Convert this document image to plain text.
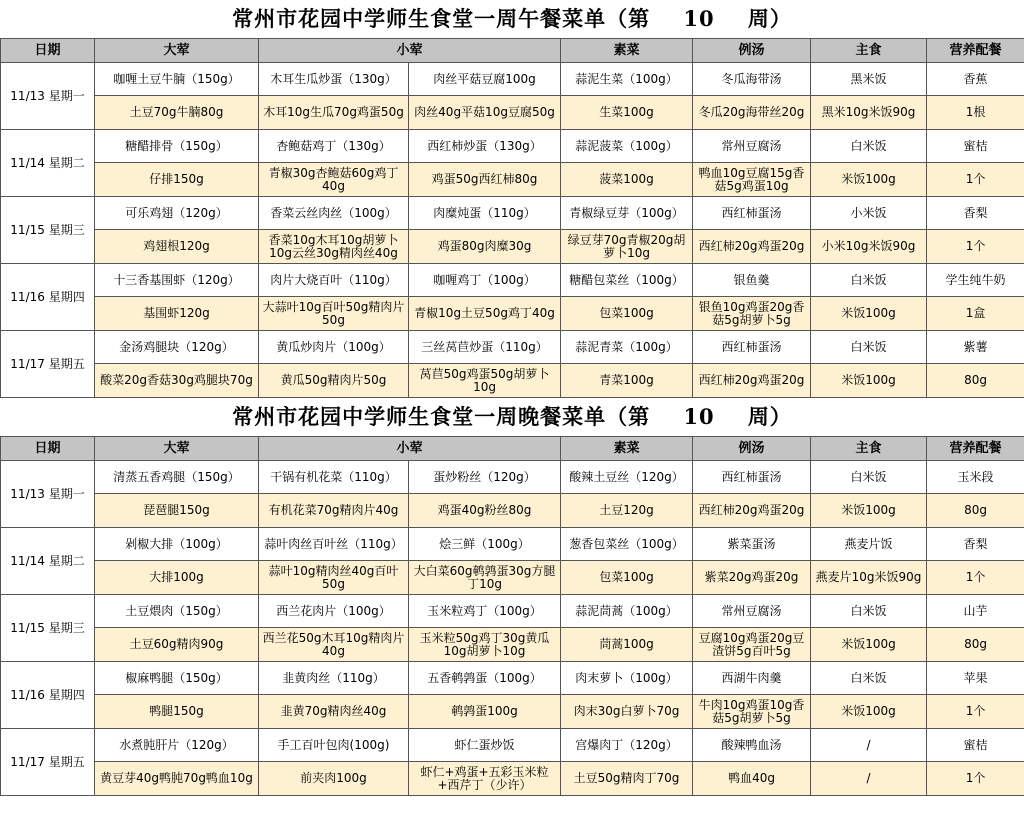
常州市花园中学师生食堂一周午餐菜单（第    10    周）
日期	大荤	小荤		素菜	例汤	主食	营养配餐
11/13 星期一	咖喱土豆牛腩（150g）	木耳生瓜炒蛋（130g）	肉丝平菇豆腐100g	蒜泥生菜（100g）	冬瓜海带汤	黑米饭	香蕉
	土豆70g牛腩80g	木耳10g生瓜70g鸡蛋50g	肉丝40g平菇10g豆腐50g	生菜100g	冬瓜20g海带丝20g	黑米10g米饭90g	1根
11/14 星期二	糖醋排骨（150g）	杏鲍菇鸡丁（130g）	西红柿炒蛋（130g）	蒜泥菠菜（100g）	常州豆腐汤	白米饭	蜜桔
	仔排150g	青椒30g杏鲍菇60g鸡丁40g	鸡蛋50g西红柿80g	菠菜100g	鸭血10g豆腐15g香菇5g鸡蛋10g	米饭100g	1个
11/15 星期三	可乐鸡翅（120g）	香菜云丝肉丝（100g）	肉糜炖蛋（110g）	青椒绿豆芽（100g）	西红柿蛋汤	小米饭	香梨
	鸡翅根120g	香菜10g木耳10g胡萝卜10g云丝30g精肉丝40g	鸡蛋80g肉糜30g	绿豆芽70g青椒20g胡萝卜10g	西红柿20g鸡蛋20g	小米10g米饭90g	1个
11/16 星期四	十三香基围虾（120g）	肉片大烧百叶（110g）	咖喱鸡丁（100g）	糖醋包菜丝（100g）	银鱼羹	白米饭	学生纯牛奶
	基围虾120g	大蒜叶10g百叶50g精肉片50g	青椒10g土豆50g鸡丁40g	包菜100g	银鱼10g鸡蛋20g香菇5g胡萝卜5g	米饭100g	1盒
11/17 星期五	金汤鸡腿块（120g）	黄瓜炒肉片（100g）	三丝莴苣炒蛋（110g）	蒜泥青菜（100g）	西红柿蛋汤	白米饭	紫薯
	酸菜20g香菇30g鸡腿块70g	黄瓜50g精肉片50g	莴苣50g鸡蛋50g胡萝卜10g	青菜100g	西红柿20g鸡蛋20g	米饭100g	80g
常州市花园中学师生食堂一周晚餐菜单（第    10    周）
日期	大荤	小荤		素菜	例汤	主食	营养配餐
11/13 星期一	清蒸五香鸡腿（150g）	干锅有机花菜（110g）	蛋炒粉丝（120g）	酸辣土豆丝（120g）	西红柿蛋汤	白米饭	玉米段
	琵琶腿150g	有机花菜70g精肉片40g	鸡蛋40g粉丝80g	土豆120g	西红柿20g鸡蛋20g	米饭100g	80g
11/14 星期二	剁椒大排（100g）	蒜叶肉丝百叶丝（110g）	烩三鲜（100g）	葱香包菜丝（100g）	紫菜蛋汤	燕麦片饭	香梨
	大排100g	蒜叶10g精肉丝40g百叶50g	大白菜60g鹌鹑蛋30g方腿丁10g	包菜100g	紫菜20g鸡蛋20g	燕麦片10g米饭90g	1个
11/15 星期三	土豆煨肉（150g）	西兰花肉片（100g）	玉米粒鸡丁（100g）	蒜泥茼蒿（100g）	常州豆腐汤	白米饭	山芋
	土豆60g精肉90g	西兰花50g木耳10g精肉片40g	玉米粒50g鸡丁30g黄瓜10g胡萝卜10g	茼蒿100g	豆腐10g鸡蛋20g豆渣饼5g百叶5g	米饭100g	80g
11/16 星期四	椒麻鸭腿（150g）	韭黄肉丝（110g）	五香鹌鹑蛋（100g）	肉末萝卜（100g）	西湖牛肉羹	白米饭	苹果
	鸭腿150g	韭黄70g精肉丝40g	鹌鹑蛋100g	肉末30g白萝卜70g	牛肉10g鸡蛋10g香菇5g胡萝卜5g	米饭100g	1个
11/17 星期五	水煮肫肝片（120g）	手工百叶包肉(100g)	虾仁蛋炒饭	宫爆肉丁（120g）	酸辣鸭血汤	/	蜜桔
	黄豆芽40g鸭肫70g鸭血10g	前夹肉100g	虾仁+鸡蛋+五彩玉米粒+西芹丁（少许）	土豆50g精肉丁70g	鸭血40g	/	1个
